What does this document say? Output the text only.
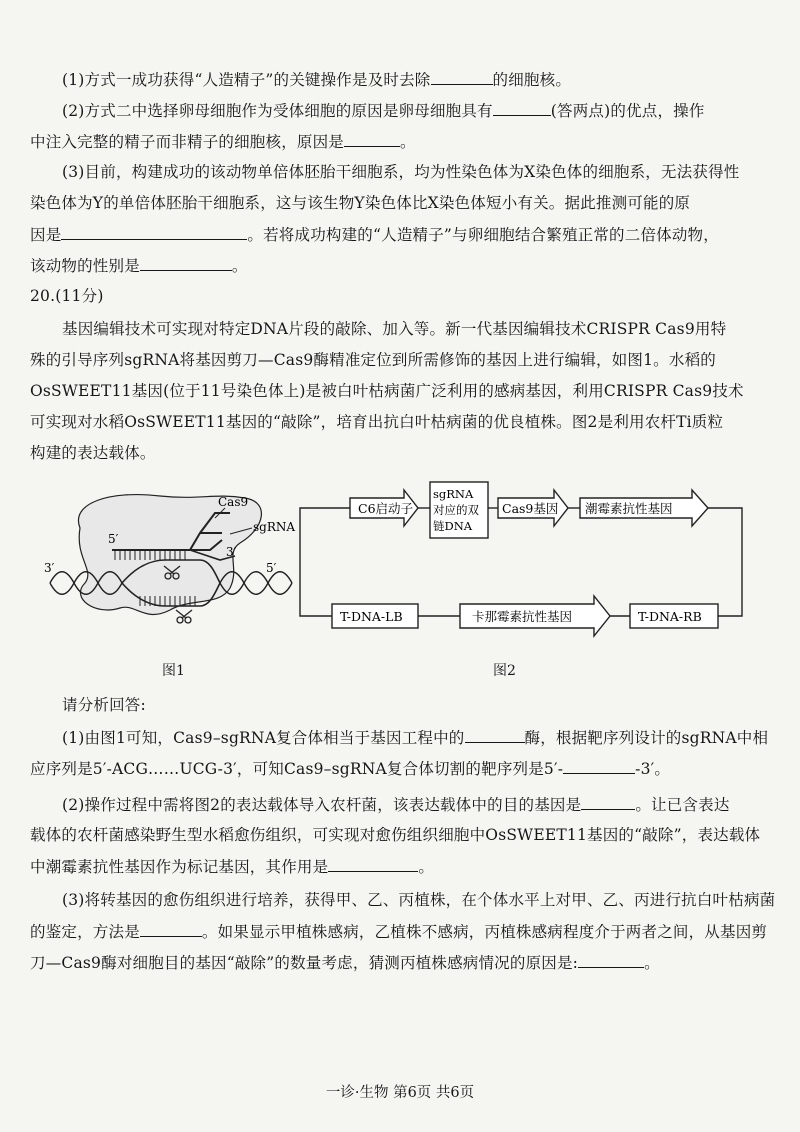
(1)方式一成功获得“人造精子”的关键操作是及时去除	的细胞核。
(2)方式二中选择卵母细胞作为受体细胞的原因是卵母细胞具有	(答两点)的优点，操作
中注入完整的精子而非精子的细胞核，原因是	。
(3)目前，构建成功的该动物单倍体胚胎干细胞系，均为性染色体为X染色体的细胞系，无法获得性
染色体为Y的单倍体胚胎干细胞系，这与该生物Y染色体比X染色体短小有关。据此推测可能的原
因是	。若将成功构建的“人造精子”与卵细胞结合繁殖正常的二倍体动物，
该动物的性别是	。
20.(11分)
基因编辑技术可实现对特定DNA片段的敲除、加入等。新一代基因编辑技术CRISPR Cas9用特
殊的引导序列sgRNA将基因剪刀—Cas9酶精准定位到所需修饰的基因上进行编辑，如图1。水稻的
OsSWEET11基因(位于11号染色体上)是被白叶枯病菌广泛利用的感病基因，利用CRISPR Cas9技术
可实现对水稻OsSWEET11基因的“敲除”，培育出抗白叶枯病菌的优良植株。图2是利用农杆Ti质粒
构建的表达载体。
Cas9
sgRNA
5′
3′
3′	5′
图1
C6启动子
sgRNA
对应的双
链DNA
Cas9基因 潮霉素抗性基因
T-DNA-LB	卡那霉素抗性基因	T-DNA-RB
图2
请分析回答:
(1)由图1可知，Cas9–sgRNA复合体相当于基因工程中的	酶，根据靶序列设计的sgRNA中相
应序列是5′-ACG……UCG-3′，可知Cas9–sgRNA复合体切割的靶序列是5′-	-3′。
(2)操作过程中需将图2的表达载体导入农杆菌，该表达载体中的目的基因是	。让已含表达
载体的农杆菌感染野生型水稻愈伤组织，可实现对愈伤组织细胞中OsSWEET11基因的“敲除”，表达载体
中潮霉素抗性基因作为标记基因，其作用是	。
(3)将转基因的愈伤组织进行培养，获得甲、乙、丙植株，在个体水平上对甲、乙、丙进行抗白叶枯病菌
的鉴定，方法是	。如果显示甲植株感病，乙植株不感病，丙植株感病程度介于两者之间，从基因剪
刀—Cas9酶对细胞目的基因“敲除”的数量考虑，猜测丙植株感病情况的原因是:	。
一诊·生物 第6页 共6页
